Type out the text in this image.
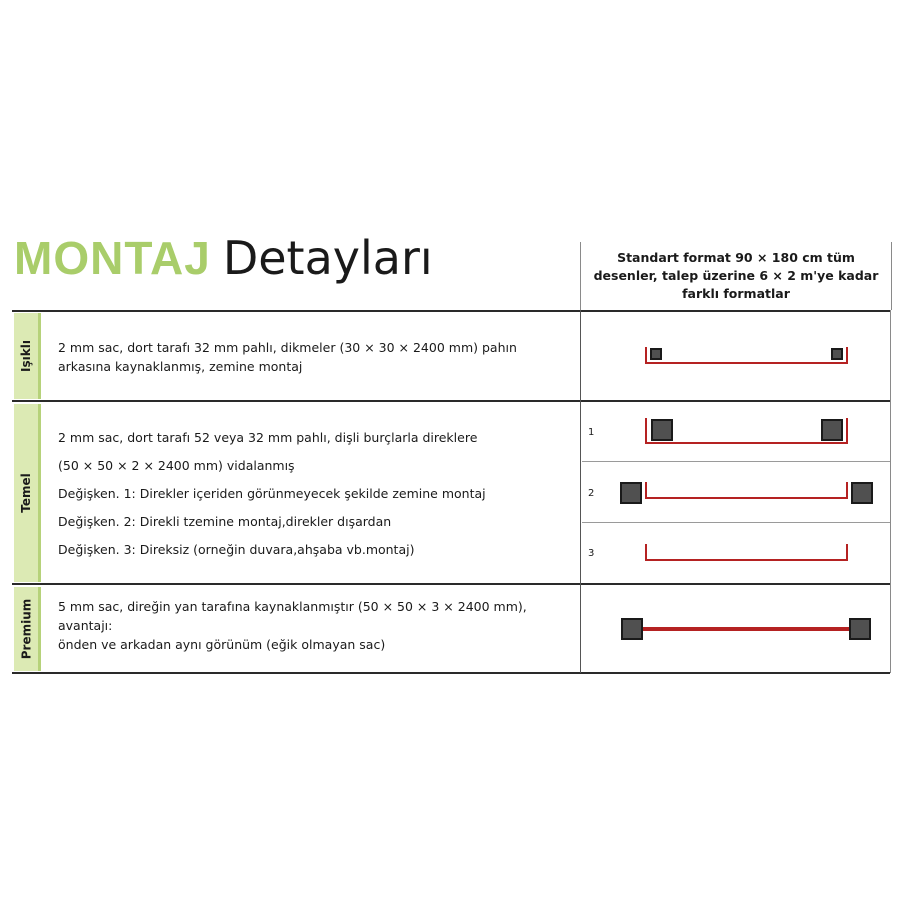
MONTAJ Detayları	Standart format 90 × 180 cm tüm desenler, talep üzerine 6 × 2 m'ye kadar farklı formatlar
Işıklı
Temel
Premium

2 mm sac, dort tarafı 32 mm pahlı, dikmeler (30 × 30 × 2400 mm) pahın

arkasına kaynaklanmış, zemine montaj

2 mm sac, dort tarafı 52 veya 32 mm pahlı, dişli burçlarla direklere

(50 × 50 × 2 × 2400 mm) vidalanmış

Değişken. 1: Direkler içeriden görünmeyecek şekilde zemine montaj

Değişken. 2: Direkli tzemine montaj,direkler dışardan

Değişken. 3: Direksiz (orneğin duvara,ahşaba vb.montaj)

5 mm sac, direğin yan tarafına kaynaklanmıştır (50 × 50 × 3 × 2400 mm), avantajı:

önden ve arkadan aynı görünüm (eğik olmayan sac)

1
2
3
